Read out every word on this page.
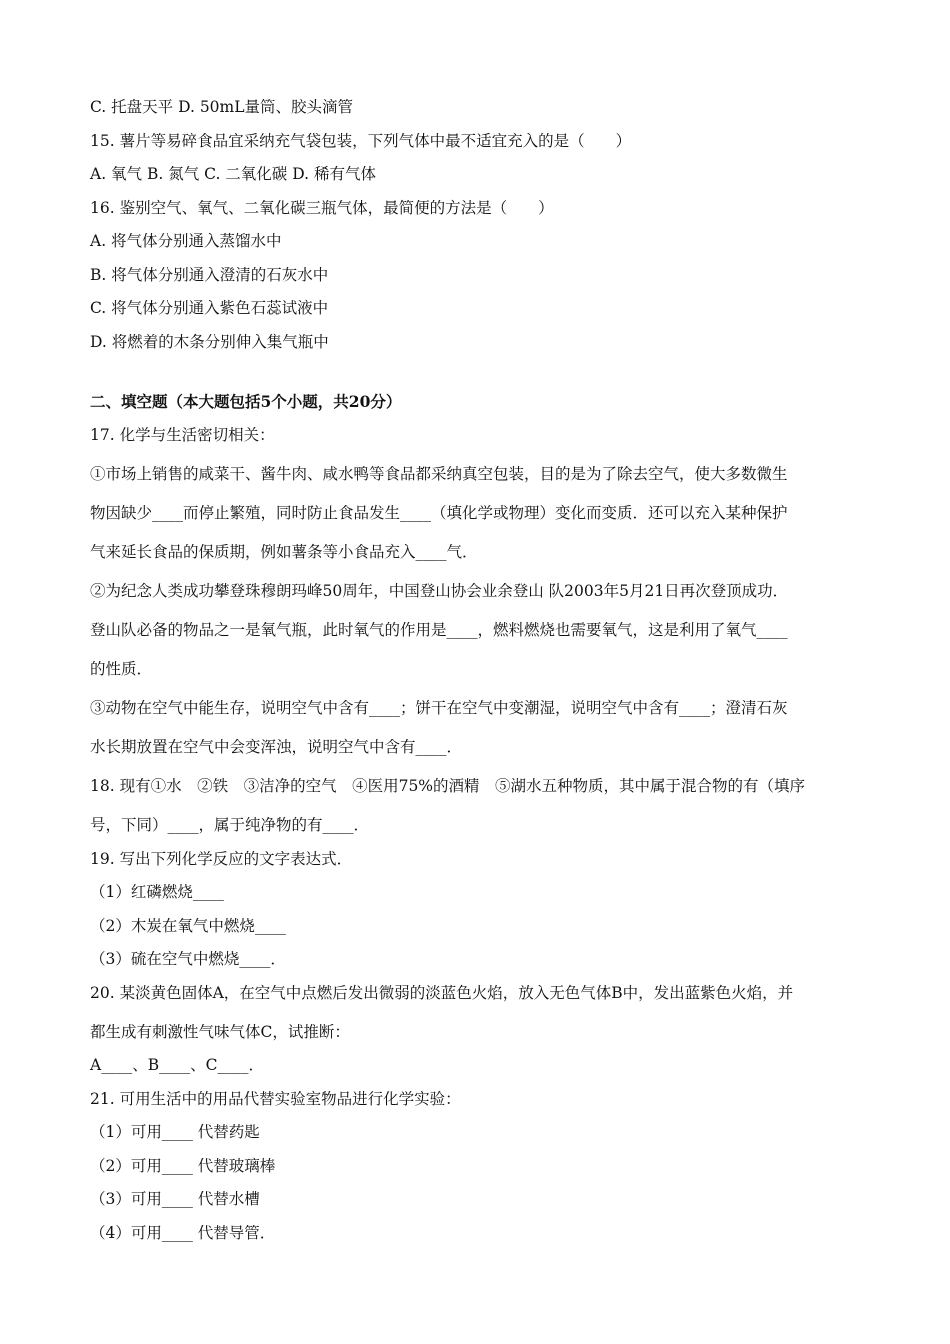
C. 托盘天平 D. 50mL量筒、胶头滴管

15. 薯片等易碎食品宜采纳充气袋包装，下列气体中最不适宜充入的是（　　）

A. 氧气 B. 氮气 C. 二氧化碳 D. 稀有气体

16. 鉴别空气、氧气、二氧化碳三瓶气体，最简便的方法是（　　）

A. 将气体分别通入蒸馏水中

B. 将气体分别通入澄清的石灰水中

C. 将气体分别通入紫色石蕊试液中

D. 将燃着的木条分别伸入集气瓶中

二、填空题（本大题包括5个小题，共20分）

17. 化学与生活密切相关：

①市场上销售的咸菜干、酱牛肉、咸水鸭等食品都采纳真空包装，目的是为了除去空气，使大多数微生

物因缺少____而停止繁殖，同时防止食品发生____（填化学或物理）变化而变质．还可以充入某种保护

气来延长食品的保质期，例如薯条等小食品充入____气．

②为纪念人类成功攀登珠穆朗玛峰50周年，中国登山协会业余登山 队2003年5月21日再次登顶成功．

登山队必备的物品之一是氧气瓶，此时氧气的作用是____，燃料燃烧也需要氧气，这是利用了氧气____

的性质．

③动物在空气中能生存，说明空气中含有____；饼干在空气中变潮湿，说明空气中含有____；澄清石灰

水长期放置在空气中会变浑浊，说明空气中含有____．

18. 现有①水　②铁　③洁净的空气　④医用75%的酒精　⑤湖水五种物质，其中属于混合物的有（填序

号，下同）____，属于纯净物的有____．

19. 写出下列化学反应的文字表达式．

（1）红磷燃烧____

（2）木炭在氧气中燃烧____

（3）硫在空气中燃烧____．

20. 某淡黄色固体A，在空气中点燃后发出微弱的淡蓝色火焰，放入无色气体B中，发出蓝紫色火焰，并

都生成有刺激性气味气体C，试推断：

A____、B____、C____．

21. 可用生活中的用品代替实验室物品进行化学实验：

（1）可用____ 代替药匙

（2）可用____ 代替玻璃棒

（3）可用____ 代替水槽

（4）可用____ 代替导管．
